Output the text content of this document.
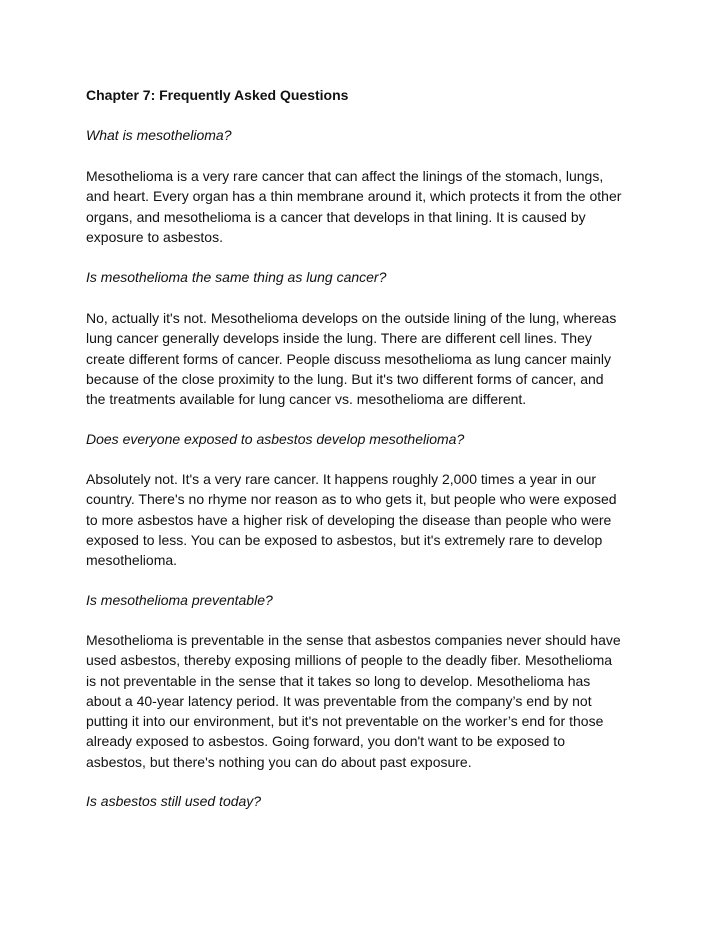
Chapter 7: Frequently Asked Questions

What is mesothelioma?

Mesothelioma is a very rare cancer that can affect the linings of the stomach, lungs,
and heart. Every organ has a thin membrane around it, which protects it from the other
organs, and mesothelioma is a cancer that develops in that lining. It is caused by
exposure to asbestos.

Is mesothelioma the same thing as lung cancer?

No, actually it's not. Mesothelioma develops on the outside lining of the lung, whereas
lung cancer generally develops inside the lung. There are different cell lines. They
create different forms of cancer. People discuss mesothelioma as lung cancer mainly
because of the close proximity to the lung. But it's two different forms of cancer, and
the treatments available for lung cancer vs. mesothelioma are different.

Does everyone exposed to asbestos develop mesothelioma?

Absolutely not. It's a very rare cancer. It happens roughly 2,000 times a year in our
country. There's no rhyme nor reason as to who gets it, but people who were exposed
to more asbestos have a higher risk of developing the disease than people who were
exposed to less. You can be exposed to asbestos, but it's extremely rare to develop
mesothelioma.

Is mesothelioma preventable?

Mesothelioma is preventable in the sense that asbestos companies never should have
used asbestos, thereby exposing millions of people to the deadly fiber. Mesothelioma
is not preventable in the sense that it takes so long to develop. Mesothelioma has
about a 40-year latency period. It was preventable from the company’s end by not
putting it into our environment, but it's not preventable on the worker’s end for those
already exposed to asbestos. Going forward, you don't want to be exposed to
asbestos, but there's nothing you can do about past exposure.

Is asbestos still used today?
